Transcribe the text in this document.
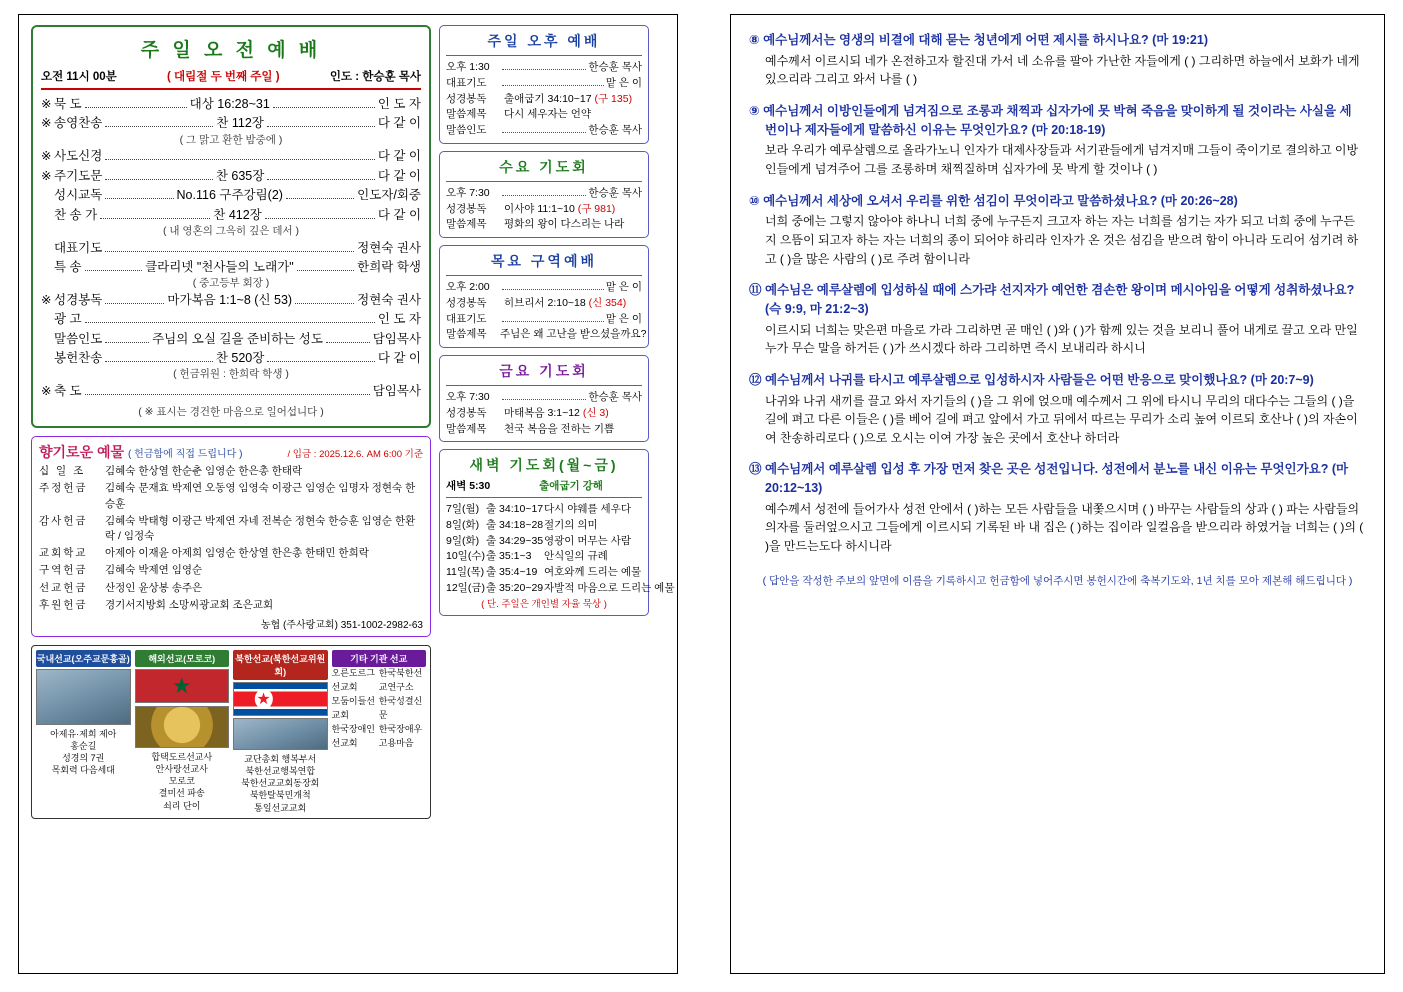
주 일 오 전 예 배
오전 11시 00분	( 대림절 두 번째 주일 )	인도 : 한승훈 목사
※ 묵 도	대상 16:28~31	인 도 자
※ 송영찬송	찬 112장	다 같 이
( 그 맑고 환한 밤중에 )
※ 사도신경	다 같 이
※ 주기도문	찬 635장	다 같 이
성시교독	No.116 구주강림(2)	인도자/회중
찬 송 가	찬 412장	다 같 이
( 내 영혼의 그윽히 깊은 데서 )
대표기도	정현숙 권사
특 송	클라리넷 "천사들의 노래가"	한희락 학생
( 중고등부 회장 )
※ 성경봉독	마가복음 1:1~8 (신 53)	정현숙 권사
광 고	인 도 자
말씀인도	주님의 오실 길을 준비하는 성도	담임목사
봉헌찬송	찬 520장	다 같 이
( 헌금위원 : 한희락 학생 )
※ 축 도	담임목사
( ※ 표시는 경건한 마음으로 일어섭니다 )
향기로운 예물 ( 헌금함에 직접 드립니다 )	/ 입금 : 2025.12.6. AM 6:00 기준
십 일 조	김혜숙 한상열 한순춘 임영순 한은총 한태락
주정헌금	김혜숙 문재효 박제연 오동영 임영숙 이광근 임영순 임명자 정현숙 한승훈
감사헌금	김혜숙 박태형 이광근 박제연 자네 전복순 정현숙 한승훈 임영순 한환락 / 임정숙
교회학교	아제아 이재윤 아제희 임영순 한상열 한은총 한태민 한희락
구역헌금	김혜숙 박제연 임영순
선교헌금	산정인 윤상봉 송주은
후원헌금	경기서지방회 소망씨광교회 조은교회
농협 (주사랑교회) 351-1002-2982-63
국내선교(오주교문흥골)
아제유·제희 제아
홍순길
성경의 7권
목회력 다음세대
해외선교(모로코)
★
합택도르선교사
안사랑선교사
모로코
결미선 파송
쇠리 단이
북한선교(북한선교위원회)
★
교단총회 행복부서
북한선교행복연합
북한선교교회동장회
북한탈북민개척
통일선교교회
기타 기관 선교
오른도르그선교회
한국북한선교연구소
모둠이들선교회
한국성결신문
한국장애인선교회
한국장애우고용마음
주일 오후 예배
오후 1:30	한승훈 목사
대표기도	맡 은 이
성경봉독	출애굽기 34:10~17 (구 135)
말씀제목	다시 세우자는 언약
말씀인도	한승훈 목사
수요 기도회
오후 7:30	한승훈 목사
성경봉독	이사야 11:1~10 (구 981)
말씀제목	평화의 왕이 다스리는 나라
목요 구역예배
오후 2:00	맡 은 이
성경봉독	히브리서 2:10~18 (신 354)
대표기도	맡 은 이
말씀제목	주님은 왜 고난을 받으셨을까요?
금요 기도회
오후 7:30	한승훈 목사
성경봉독	마태복음 3:1~12 (신 3)
말씀제목	천국 복음을 전하는 기쁨
새벽 기도회(월~금)
새벽 5:30	출애굽기 강해
7일(월) 출 34:10~17 다시 야웨를 세우다
8일(화) 출 34:18~28 절기의 의미
9일(화) 출 34:29~35 영광이 머무는 사람
10일(수) 출 35:1~3	안식일의 규례
11일(목) 출 35:4~19 여호와께 드리는 예물
12일(금) 출 35:20~29 자발적 마음으로 드리는 예물
( 단. 주일은 개인별 자율 묵상 )
⑧ 예수님께서는 영생의 비결에 대해 묻는 청년에게 어떤 제시를 하시나요? (마 19:21)
예수께서 이르시되 네가 온전하고자 할진대 가서 네 소유를 팔아 가난한 자들에게 ( ) 그리하면 하늘에서 보화가 네게 있으리라 그리고 와서 나를 ( )
⑨ 예수님께서 이방인들에게 넘겨짐으로 조롱과 채찍과 십자가에 못 박혀 죽음을 맞이하게 될 것이라는 사실을 세 번이나 제자들에게 말씀하신 이유는 무엇인가요? (마 20:18-19)
보라 우리가 예루살렘으로 올라가노니 인자가 대제사장들과 서기관들에게 넘겨지매 그들이 죽이기로 결의하고 이방인들에게 넘겨주어 그를 조롱하며 채찍질하며 십자가에 못 박게 할 것이나 ( )
⑩ 예수님께서 세상에 오셔서 우리를 위한 섬김이 무엇이라고 말씀하셨나요? (마 20:26~28)
너희 중에는 그렇지 않아야 하나니 너희 중에 누구든지 크고자 하는 자는 너희를 섬기는 자가 되고 너희 중에 누구든지 으뜸이 되고자 하는 자는 너희의 종이 되어야 하리라 인자가 온 것은 섬김을 받으려 함이 아니라 도리어 섬기려 하고 ( )을 많은 사람의 ( )로 주려 함이니라
⑪ 예수님은 예루살렘에 입성하실 때에 스가랴 선지자가 예언한 겸손한 왕이며 메시아임을 어떻게 성취하셨나요? (슥 9:9, 마 21:2~3)
이르시되 너희는 맞은편 마을로 가라 그리하면 곧 매인 ( )와 ( )가 함께 있는 것을 보리니 풀어 내게로 끌고 오라 만일 누가 무슨 말을 하거든 ( )가 쓰시겠다 하라 그리하면 즉시 보내리라 하시니
⑫ 예수님께서 나귀를 타시고 예루살렘으로 입성하시자 사람들은 어떤 반응으로 맞이했나요? (마 20:7~9)
나귀와 나귀 새끼를 끌고 와서 자기들의 ( )을 그 위에 얹으매 예수께서 그 위에 타시니 무리의 대다수는 그들의 ( )을 길에 펴고 다른 이들은 ( )를 베어 길에 펴고 앞에서 가고 뒤에서 따르는 무리가 소리 높여 이르되 호산나 ( )의 자손이여 찬송하리로다 ( )으로 오시는 이여 가장 높은 곳에서 호산나 하더라
⑬ 예수님께서 예루살렘 입성 후 가장 먼저 찾은 곳은 성전입니다. 성전에서 분노를 내신 이유는 무엇인가요? (마 20:12~13)
예수께서 성전에 들어가사 성전 안에서 ( )하는 모든 사람들을 내쫓으시며 ( ) 바꾸는 사람들의 상과 ( ) 파는 사람들의 의자를 둘러엎으시고 그들에게 이르시되 기록된 바 내 집은 ( )하는 집이라 일컬음을 받으리라 하였거늘 너희는 ( )의 ( )을 만드는도다 하시니라
( 답안을 작성한 주보의 앞면에 이름을 기록하시고 헌금함에 넣어주시면 봉헌시간에 축복기도와, 1년 치를 모아 제본해 해드립니다 )
